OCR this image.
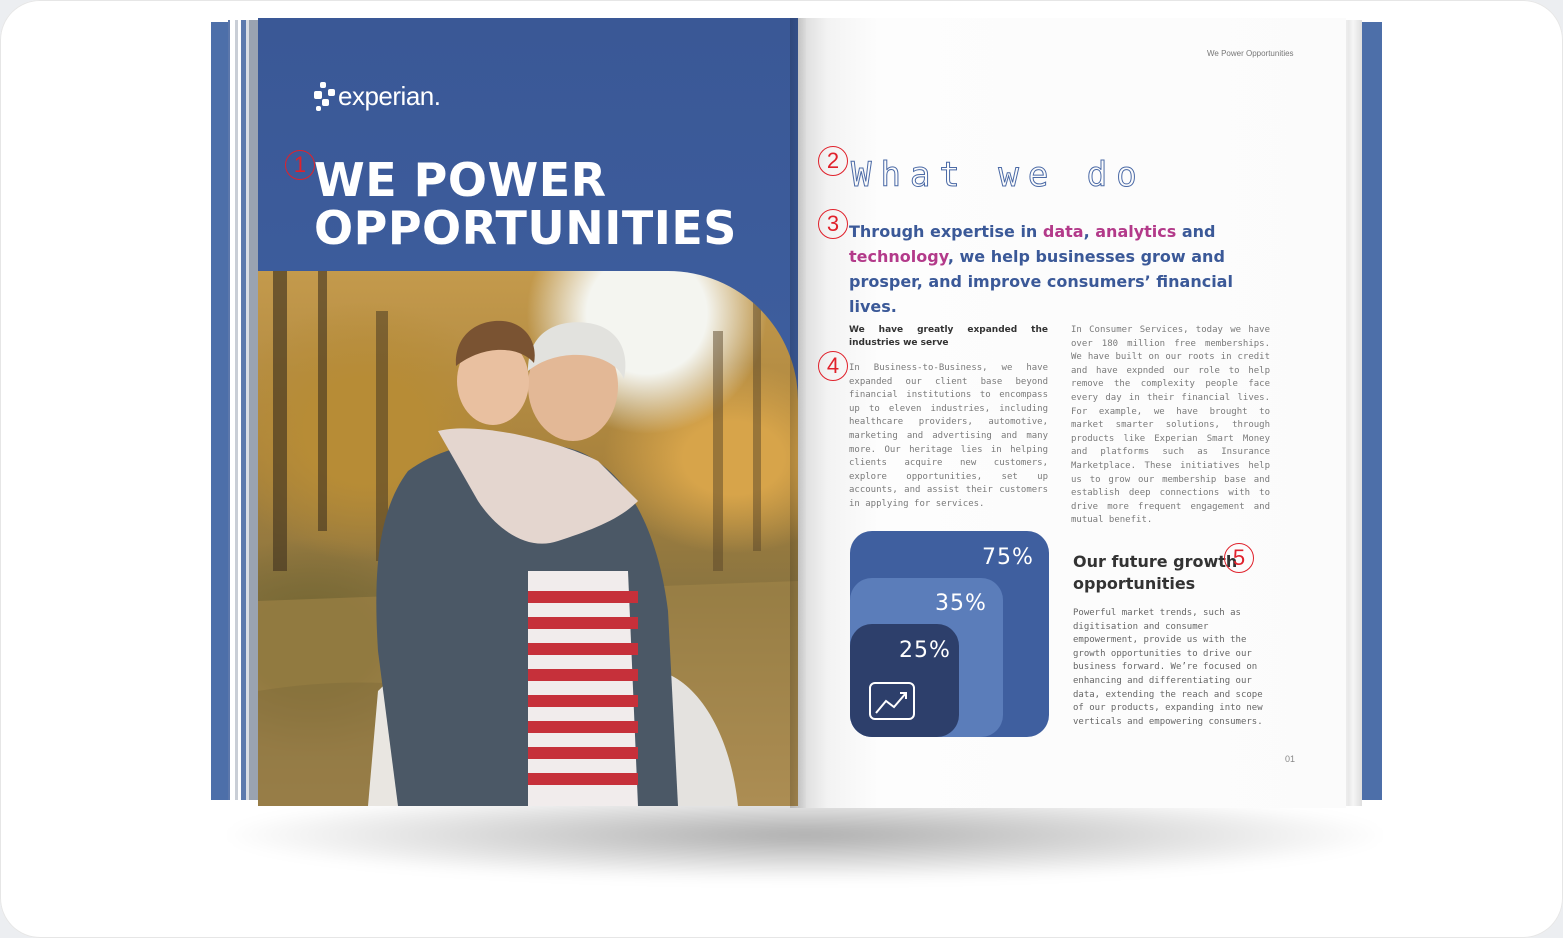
experian.
WE POWER
OPPORTUNITIES
1
We Power Opportunities
2 What we do
3 Through expertise in data, analytics and technology, we help businesses grow and prosper, and improve consumers’ financial lives.
We have greatly expanded the industries we serve
In Business-to-Business, we have expanded our client base beyond financial institutions to encompass up to eleven industries, including healthcare providers, automotive, marketing and advertising and many more. Our heritage lies in helping clients acquire new customers, explore opportunities, set up accounts, and assist their customers in applying for services.
4
In Consumer Services, today we have over 180 million free memberships. We have built on our roots in credit and have expnded our role to help remove the complexity people face every day in their financial lives. For example, we have brought to market smarter solutions, through products like Experian Smart Money and platforms such as Insurance Marketplace. These initiatives help us to grow our membership base and establish deep connections with to drive more frequent engagement and mutual benefit.
75%
35%
25%
Our future growth
opportunities
5
Powerful market trends, such as digitisation and consumer empowerment, provide us with the growth opportunities to drive our business forward. We’re focused on enhancing and differentiating our data, extending the reach and scope of our products, expanding into new verticals and empowering consumers.
01
